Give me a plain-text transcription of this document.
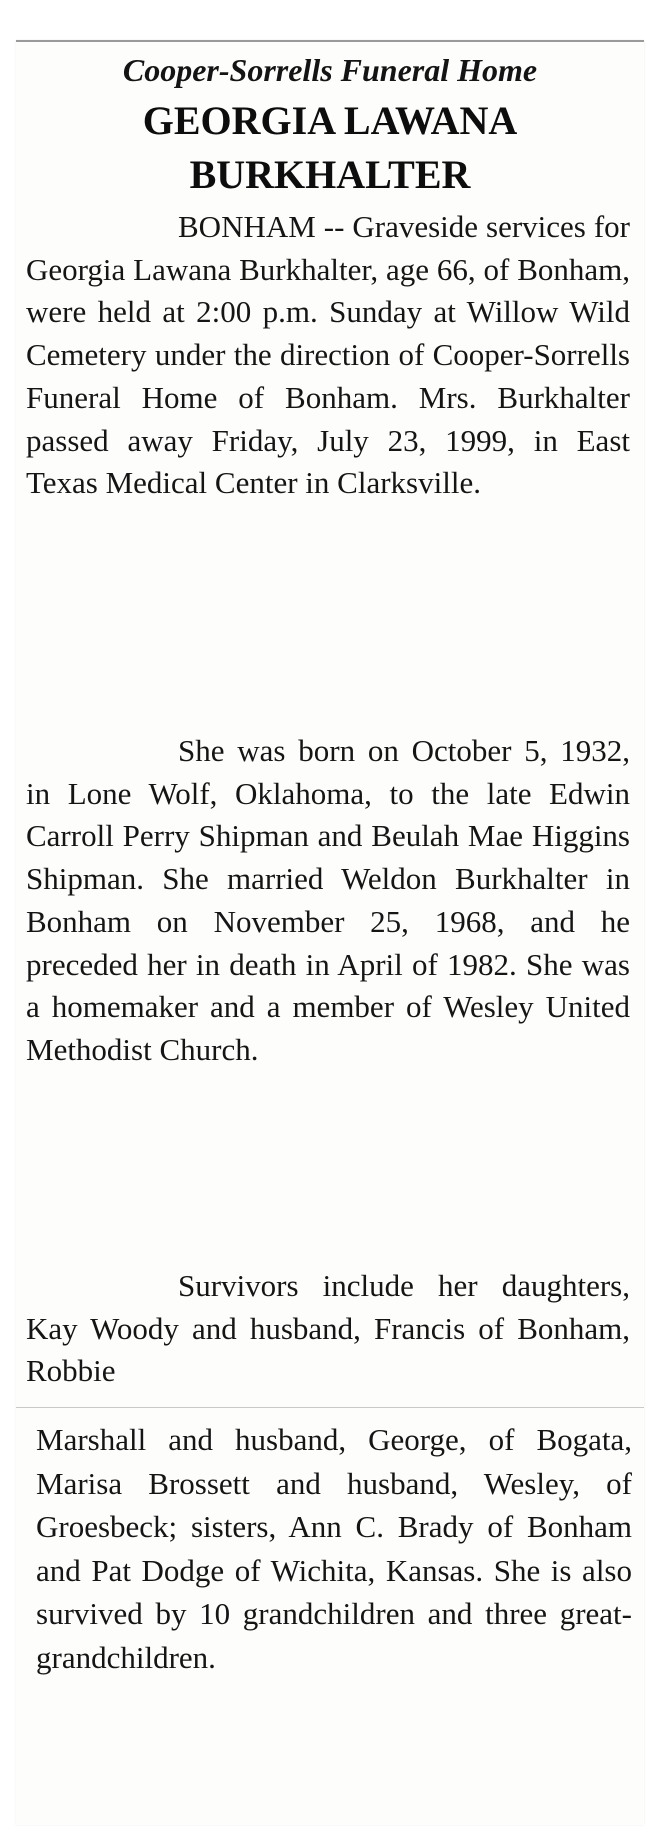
Cooper-Sorrells Funeral Home
GEORGIA LAWANA
BURKHALTER

BONHAM -- Graveside services for Georgia Lawana Burkhalter, age 66, of Bonham, were held at 2:00 p.m. Sunday at Willow Wild Cemetery under the direction of Cooper-Sorrells Funeral Home of Bonham. Mrs. Burkhalter passed away Friday, July 23, 1999, in East Texas Medical Center in Clarksville.

She was born on October 5, 1932, in Lone Wolf, Oklahoma, to the late Edwin Carroll Perry Shipman and Beulah Mae Higgins Shipman. She married Weldon Burkhalter in Bonham on November 25, 1968, and he preceded her in death in April of 1982. She was a homemaker and a member of Wesley United Methodist Church.

Survivors include her daughters, Kay Woody and husband, Francis of Bonham, Robbie

Marshall and husband, George, of Bogata, Marisa Brossett and husband, Wesley, of Groesbeck; sisters, Ann C. Brady of Bonham and Pat Dodge of Wichita, Kansas. She is also survived by 10 grandchildren and three great-grandchildren.
